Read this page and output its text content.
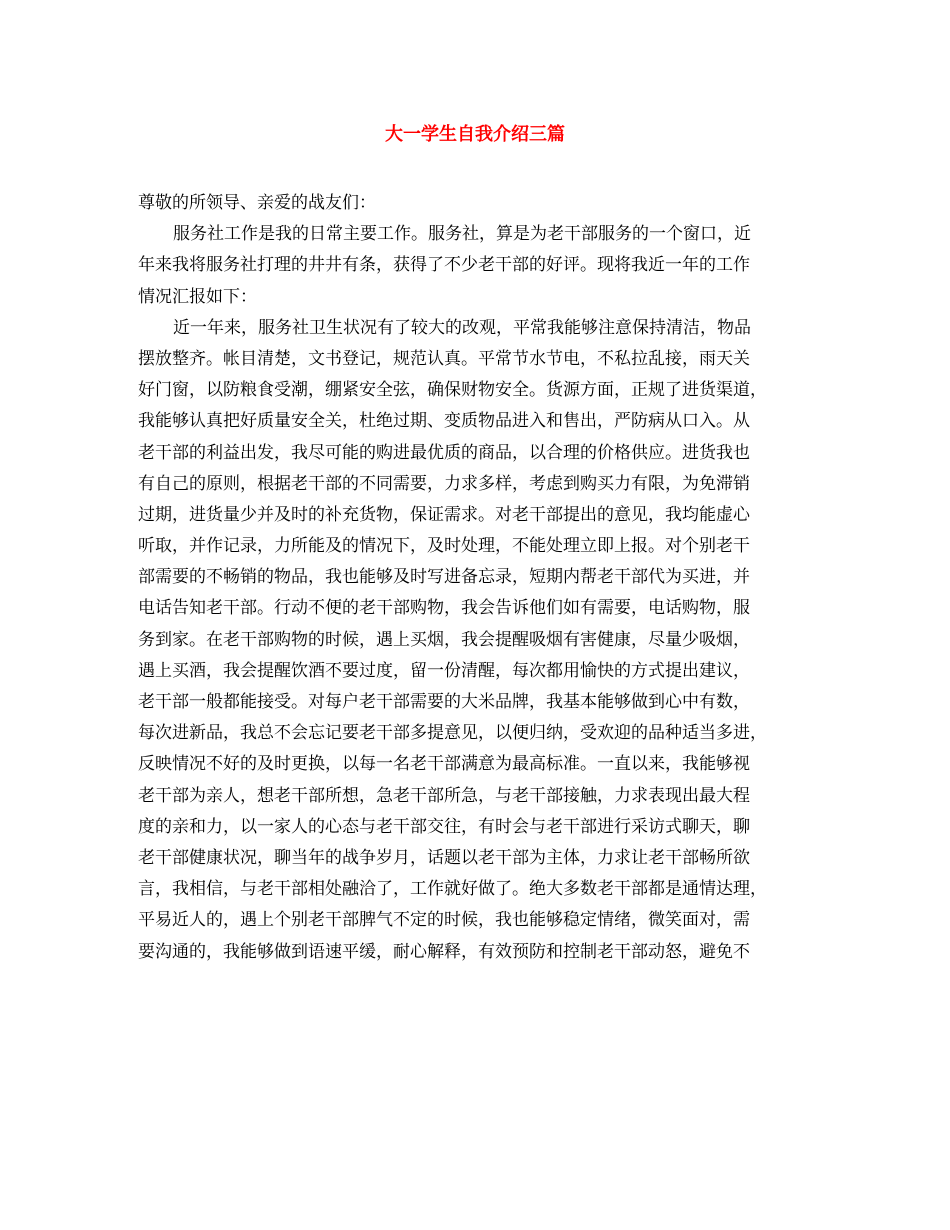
大一学生自我介绍三篇
尊敬的所领导、亲爱的战友们：
服务社工作是我的日常主要工作。服务社，算是为老干部服务的一个窗口，近
年来我将服务社打理的井井有条，获得了不少老干部的好评。现将我近一年的工作
情况汇报如下：
近一年来，服务社卫生状况有了较大的改观，平常我能够注意保持清洁，物品
摆放整齐。帐目清楚，文书登记，规范认真。平常节水节电，不私拉乱接，雨天关
好门窗，以防粮食受潮，绷紧安全弦，确保财物安全。货源方面，正规了进货渠道，
我能够认真把好质量安全关，杜绝过期、变质物品进入和售出，严防病从口入。从
老干部的利益出发，我尽可能的购进最优质的商品，以合理的价格供应。进货我也
有自己的原则，根据老干部的不同需要，力求多样，考虑到购买力有限，为免滞销
过期，进货量少并及时的补充货物，保证需求。对老干部提出的意见，我均能虚心
听取，并作记录，力所能及的情况下，及时处理，不能处理立即上报。对个别老干
部需要的不畅销的物品，我也能够及时写进备忘录，短期内帮老干部代为买进，并
电话告知老干部。行动不便的老干部购物，我会告诉他们如有需要，电话购物，服
务到家。在老干部购物的时候，遇上买烟，我会提醒吸烟有害健康，尽量少吸烟，
遇上买酒，我会提醒饮酒不要过度，留一份清醒，每次都用愉快的方式提出建议，
老干部一般都能接受。对每户老干部需要的大米品牌，我基本能够做到心中有数，
每次进新品，我总不会忘记要老干部多提意见，以便归纳，受欢迎的品种适当多进，
反映情况不好的及时更换，以每一名老干部满意为最高标准。一直以来，我能够视
老干部为亲人，想老干部所想，急老干部所急，与老干部接触，力求表现出最大程
度的亲和力，以一家人的心态与老干部交往，有时会与老干部进行采访式聊天，聊
老干部健康状况，聊当年的战争岁月，话题以老干部为主体，力求让老干部畅所欲
言，我相信，与老干部相处融洽了，工作就好做了。绝大多数老干部都是通情达理，
平易近人的，遇上个别老干部脾气不定的时候，我也能够稳定情绪，微笑面对，需
要沟通的，我能够做到语速平缓，耐心解释，有效预防和控制老干部动怒，避免不
